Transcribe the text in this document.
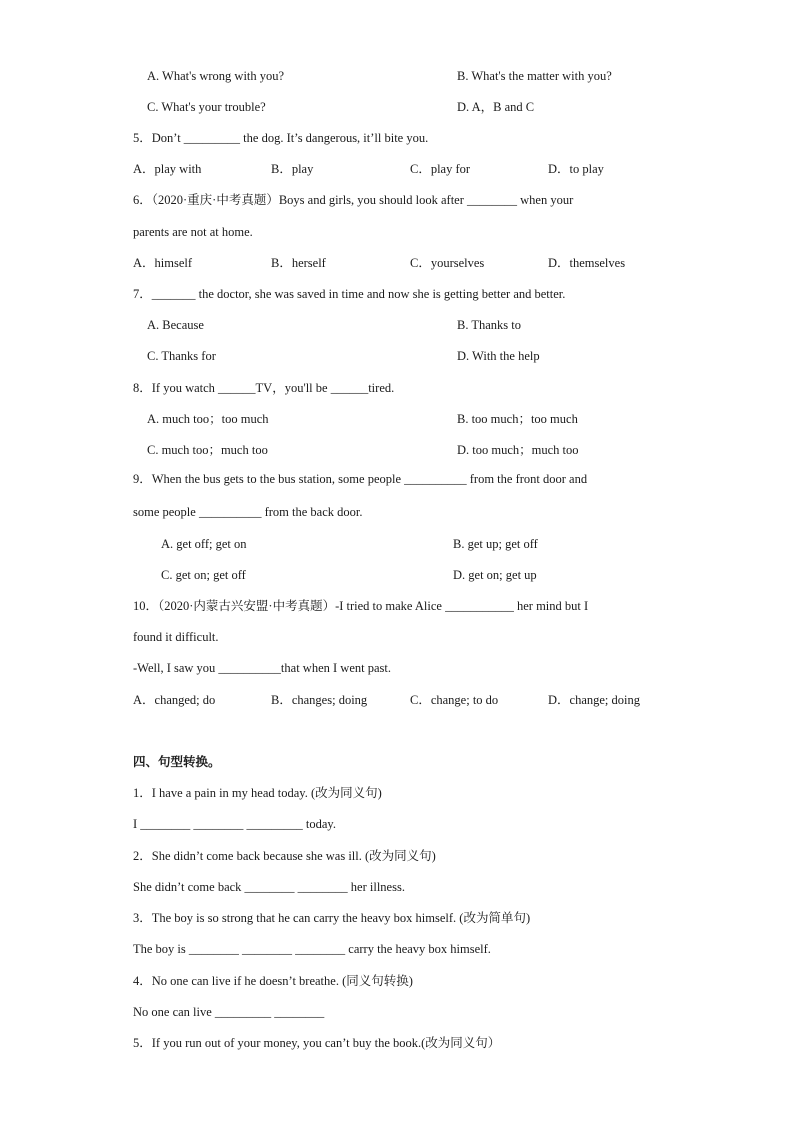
A. What's wrong with you?	B. What's the matter with you?
C. What's your trouble?	D. A，B and C
5．Don’t _________ the dog. It’s dangerous, it’ll bite you.
A．play with	B．play	C．play for	D．to play
6．（2020·重庆·中考真题）Boys and girls, you should look after ________ when your
parents are not at home.
A．himself	B．herself	C．yourselves	D．themselves
7．_______ the doctor, she was saved in time and now she is getting better and better.
A. Because	B. Thanks to
C. Thanks for	D. With the help
8．If you watch ______TV，you'll be ______tired.
A. much too；too much	B. too much；too much
C. much too；much too	D. too much；much too
9．When the bus gets to the bus station, some people __________ from the front door and
some people __________ from the back door.
A. get off; get on	B. get up; get off
C. get on; get off	D. get on; get up
10．（2020·内蒙古兴安盟·中考真题）-I tried to make Alice ___________ her mind but I
found it difficult.
-Well, I saw you __________that when I went past.
A．changed; do	B．changes; doing	C．change; to do	D．change; doing
四、句型转换。
1．I have a pain in my head today. (改为同义句)
I ________ ________ _________ today.
2．She didn’t come back because she was ill. (改为同义句)
She didn’t come back ________ ________ her illness.
3．The boy is so strong that he can carry the heavy box himself. (改为简单句)
The boy is ________ ________ ________ carry the heavy box himself.
4．No one can live if he doesn’t breathe. (同义句转换)
No one can live _________ ________
5．If you run out of your money, you can’t buy the book.(改为同义句）
